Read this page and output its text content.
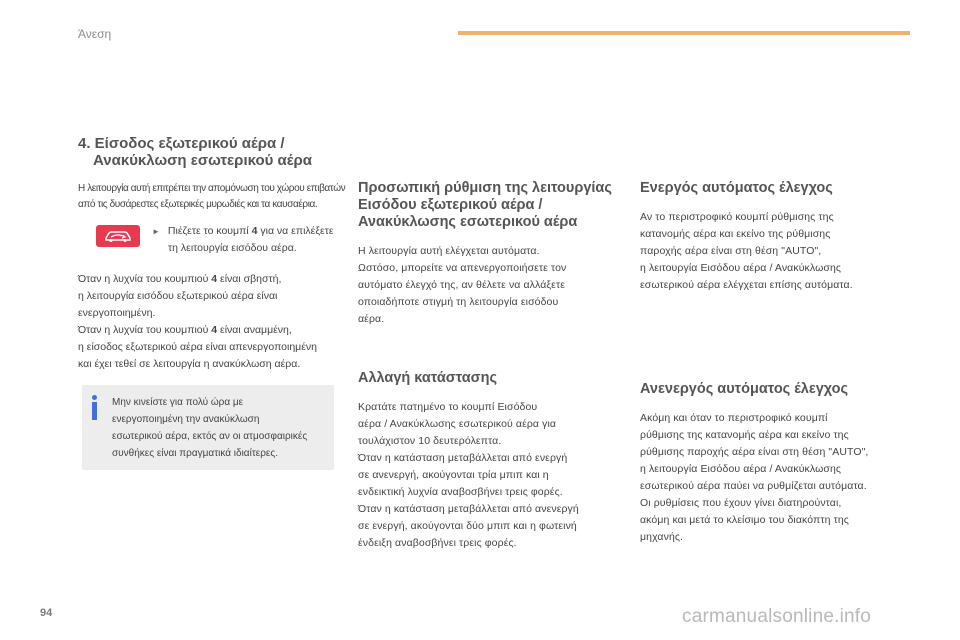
Άνεση
4. Είσοδος εξωτερικού αέρα /
Ανακύκλωση εσωτερικού αέρα
Η λειτουργία αυτή επιτρέπει την απομόνωση του χώρου επιβατών
από τις δυσάρεστες εξωτερικές μυρωδιές και τα καυσαέρια.
► Πιέζετε το κουμπί 4 για να επιλέξετε
τη λειτουργία εισόδου αέρα.
Όταν η λυχνία του κουμπιού 4 είναι σβηστή,
η λειτουργία εισόδου εξωτερικού αέρα είναι
ενεργοποιημένη.
Όταν η λυχνία του κουμπιού 4 είναι αναμμένη,
η είσοδος εξωτερικού αέρα είναι απενεργοποιημένη
και έχει τεθεί σε λειτουργία η ανακύκλωση αέρα.
Μην κινείστε για πολύ ώρα με
ενεργοποιημένη την ανακύκλωση
εσωτερικού αέρα, εκτός αν οι ατμοσφαιρικές
συνθήκες είναι πραγματικά ιδιαίτερες.
Προσωπική ρύθμιση της λειτουργίας
Εισόδου εξωτερικού αέρα /
Ανακύκλωσης εσωτερικού αέρα
Η λειτουργία αυτή ελέγχεται αυτόματα.
Ωστόσο, μπορείτε να απενεργοποιήσετε τον
αυτόματο έλεγχό της, αν θέλετε να αλλάξετε
οποιαδήποτε στιγμή τη λειτουργία εισόδου
αέρα.
Αλλαγή κατάστασης
Κρατάτε πατημένο το κουμπί Εισόδου
αέρα / Ανακύκλωσης εσωτερικού αέρα για
τουλάχιστον 10 δευτερόλεπτα.
Όταν η κατάσταση μεταβάλλεται από ενεργή
σε ανενεργή, ακούγονται τρία μπιπ και η
ενδεικτική λυχνία αναβοσβήνει τρεις φορές.
Όταν η κατάσταση μεταβάλλεται από ανενεργή
σε ενεργή, ακούγονται δύο μπιπ και η φωτεινή
ένδειξη αναβοσβήνει τρεις φορές.
Ενεργός αυτόματος έλεγχος
Αν το περιστροφικό κουμπί ρύθμισης της
κατανομής αέρα και εκείνο της ρύθμισης
παροχής αέρα είναι στη θέση "AUTO",
η λειτουργία Εισόδου αέρα / Ανακύκλωσης
εσωτερικού αέρα ελέγχεται επίσης αυτόματα.
Ανενεργός αυτόματος έλεγχος
Ακόμη και όταν το περιστροφικό κουμπί
ρύθμισης της κατανομής αέρα και εκείνο της
ρύθμισης παροχής αέρα είναι στη θέση "AUTO",
η λειτουργία Εισόδου αέρα / Ανακύκλωσης
εσωτερικού αέρα παύει να ρυθμίζεται αυτόματα.
Οι ρυθμίσεις που έχουν γίνει διατηρούνται,
ακόμη και μετά το κλείσιμο του διακόπτη της
μηχανής.
94	carmanualsonline.info
